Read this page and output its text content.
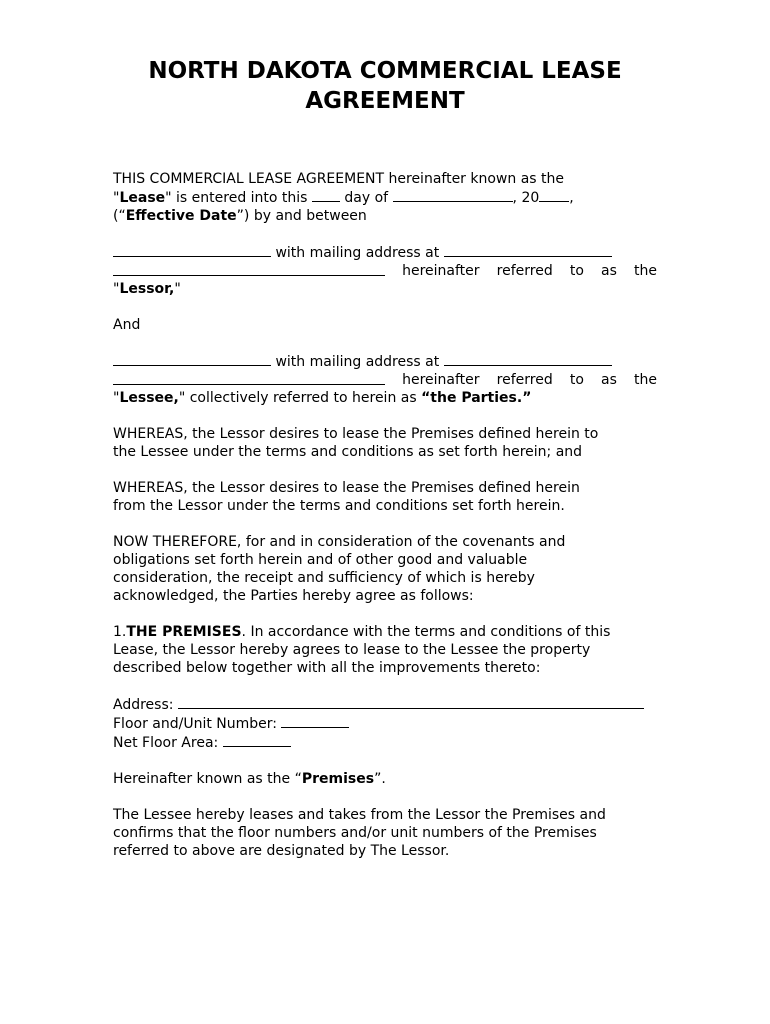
NORTH DAKOTA COMMERCIAL LEASE
AGREEMENT
THIS COMMERCIAL LEASE AGREEMENT hereinafter known as the
"Lease" is entered into this	day of	, 20 ,
(“Effective Date”) by and between
with mailing address at
hereinafter referred to as the
"Lessor,"
And
with mailing address at
hereinafter referred to as the
"Lessee," collectively referred to herein as “the Parties.”
WHEREAS, the Lessor desires to lease the Premises defined herein to
the Lessee under the terms and conditions as set forth herein; and
WHEREAS, the Lessor desires to lease the Premises defined herein
from the Lessor under the terms and conditions set forth herein.
NOW THEREFORE, for and in consideration of the covenants and
obligations set forth herein and of other good and valuable
consideration, the receipt and sufficiency of which is hereby
acknowledged, the Parties hereby agree as follows:
1.THE PREMISES. In accordance with the terms and conditions of this
Lease, the Lessor hereby agrees to lease to the Lessee the property
described below together with all the improvements thereto:
Address:
Floor and/Unit Number:
Net Floor Area:
Hereinafter known as the “Premises”.
The Lessee hereby leases and takes from the Lessor the Premises and
confirms that the floor numbers and/or unit numbers of the Premises
referred to above are designated by The Lessor.
